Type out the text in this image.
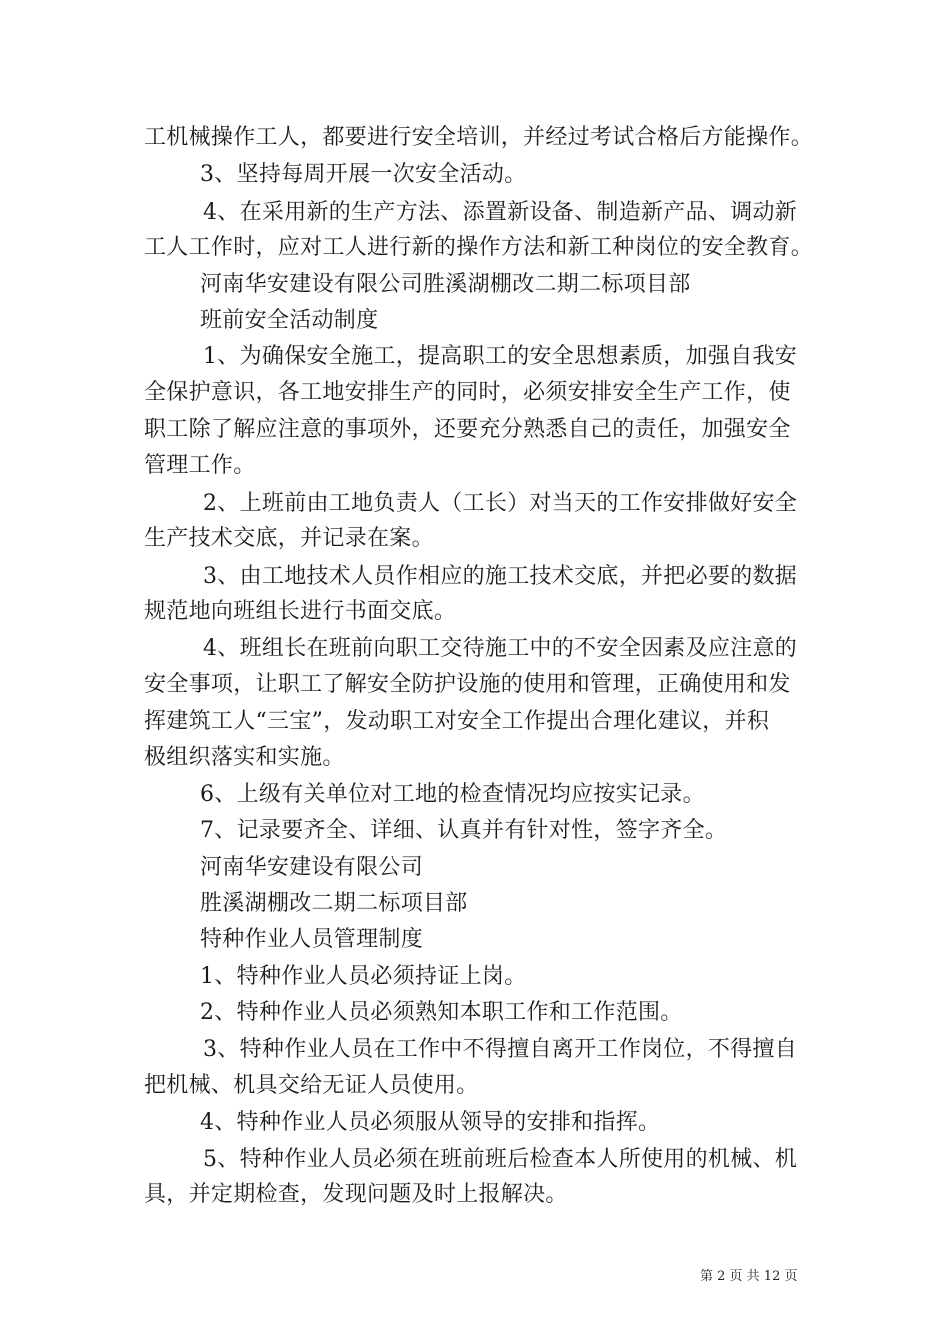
工机械操作工人，都要进行安全培训，并经过考试合格后方能操作。
3、坚持每周开展一次安全活动。
4、在采用新的生产方法、添置新设备、制造新产品、调动新
工人工作时，应对工人进行新的操作方法和新工种岗位的安全教育。
河南华安建设有限公司胜溪湖棚改二期二标项目部
班前安全活动制度
1、为确保安全施工，提高职工的安全思想素质，加强自我安
全保护意识，各工地安排生产的同时，必须安排安全生产工作，使
职工除了解应注意的事项外，还要充分熟悉自己的责任，加强安全
管理工作。
2、上班前由工地负责人（工长）对当天的工作安排做好安全
生产技术交底，并记录在案。
3、由工地技术人员作相应的施工技术交底，并把必要的数据
规范地向班组长进行书面交底。
4、班组长在班前向职工交待施工中的不安全因素及应注意的
安全事项，让职工了解安全防护设施的使用和管理，正确使用和发
挥建筑工人“三宝”，发动职工对安全工作提出合理化建议，并积
极组织落实和实施。
6、上级有关单位对工地的检查情况均应按实记录。
7、记录要齐全、详细、认真并有针对性，签字齐全。
河南华安建设有限公司
胜溪湖棚改二期二标项目部
特种作业人员管理制度
1、特种作业人员必须持证上岗。
2、特种作业人员必须熟知本职工作和工作范围。
3、特种作业人员在工作中不得擅自离开工作岗位，不得擅自
把机械、机具交给无证人员使用。
4、特种作业人员必须服从领导的安排和指挥。
5、特种作业人员必须在班前班后检查本人所使用的机械、机
具，并定期检查，发现问题及时上报解决。
第 2 页 共 12 页
